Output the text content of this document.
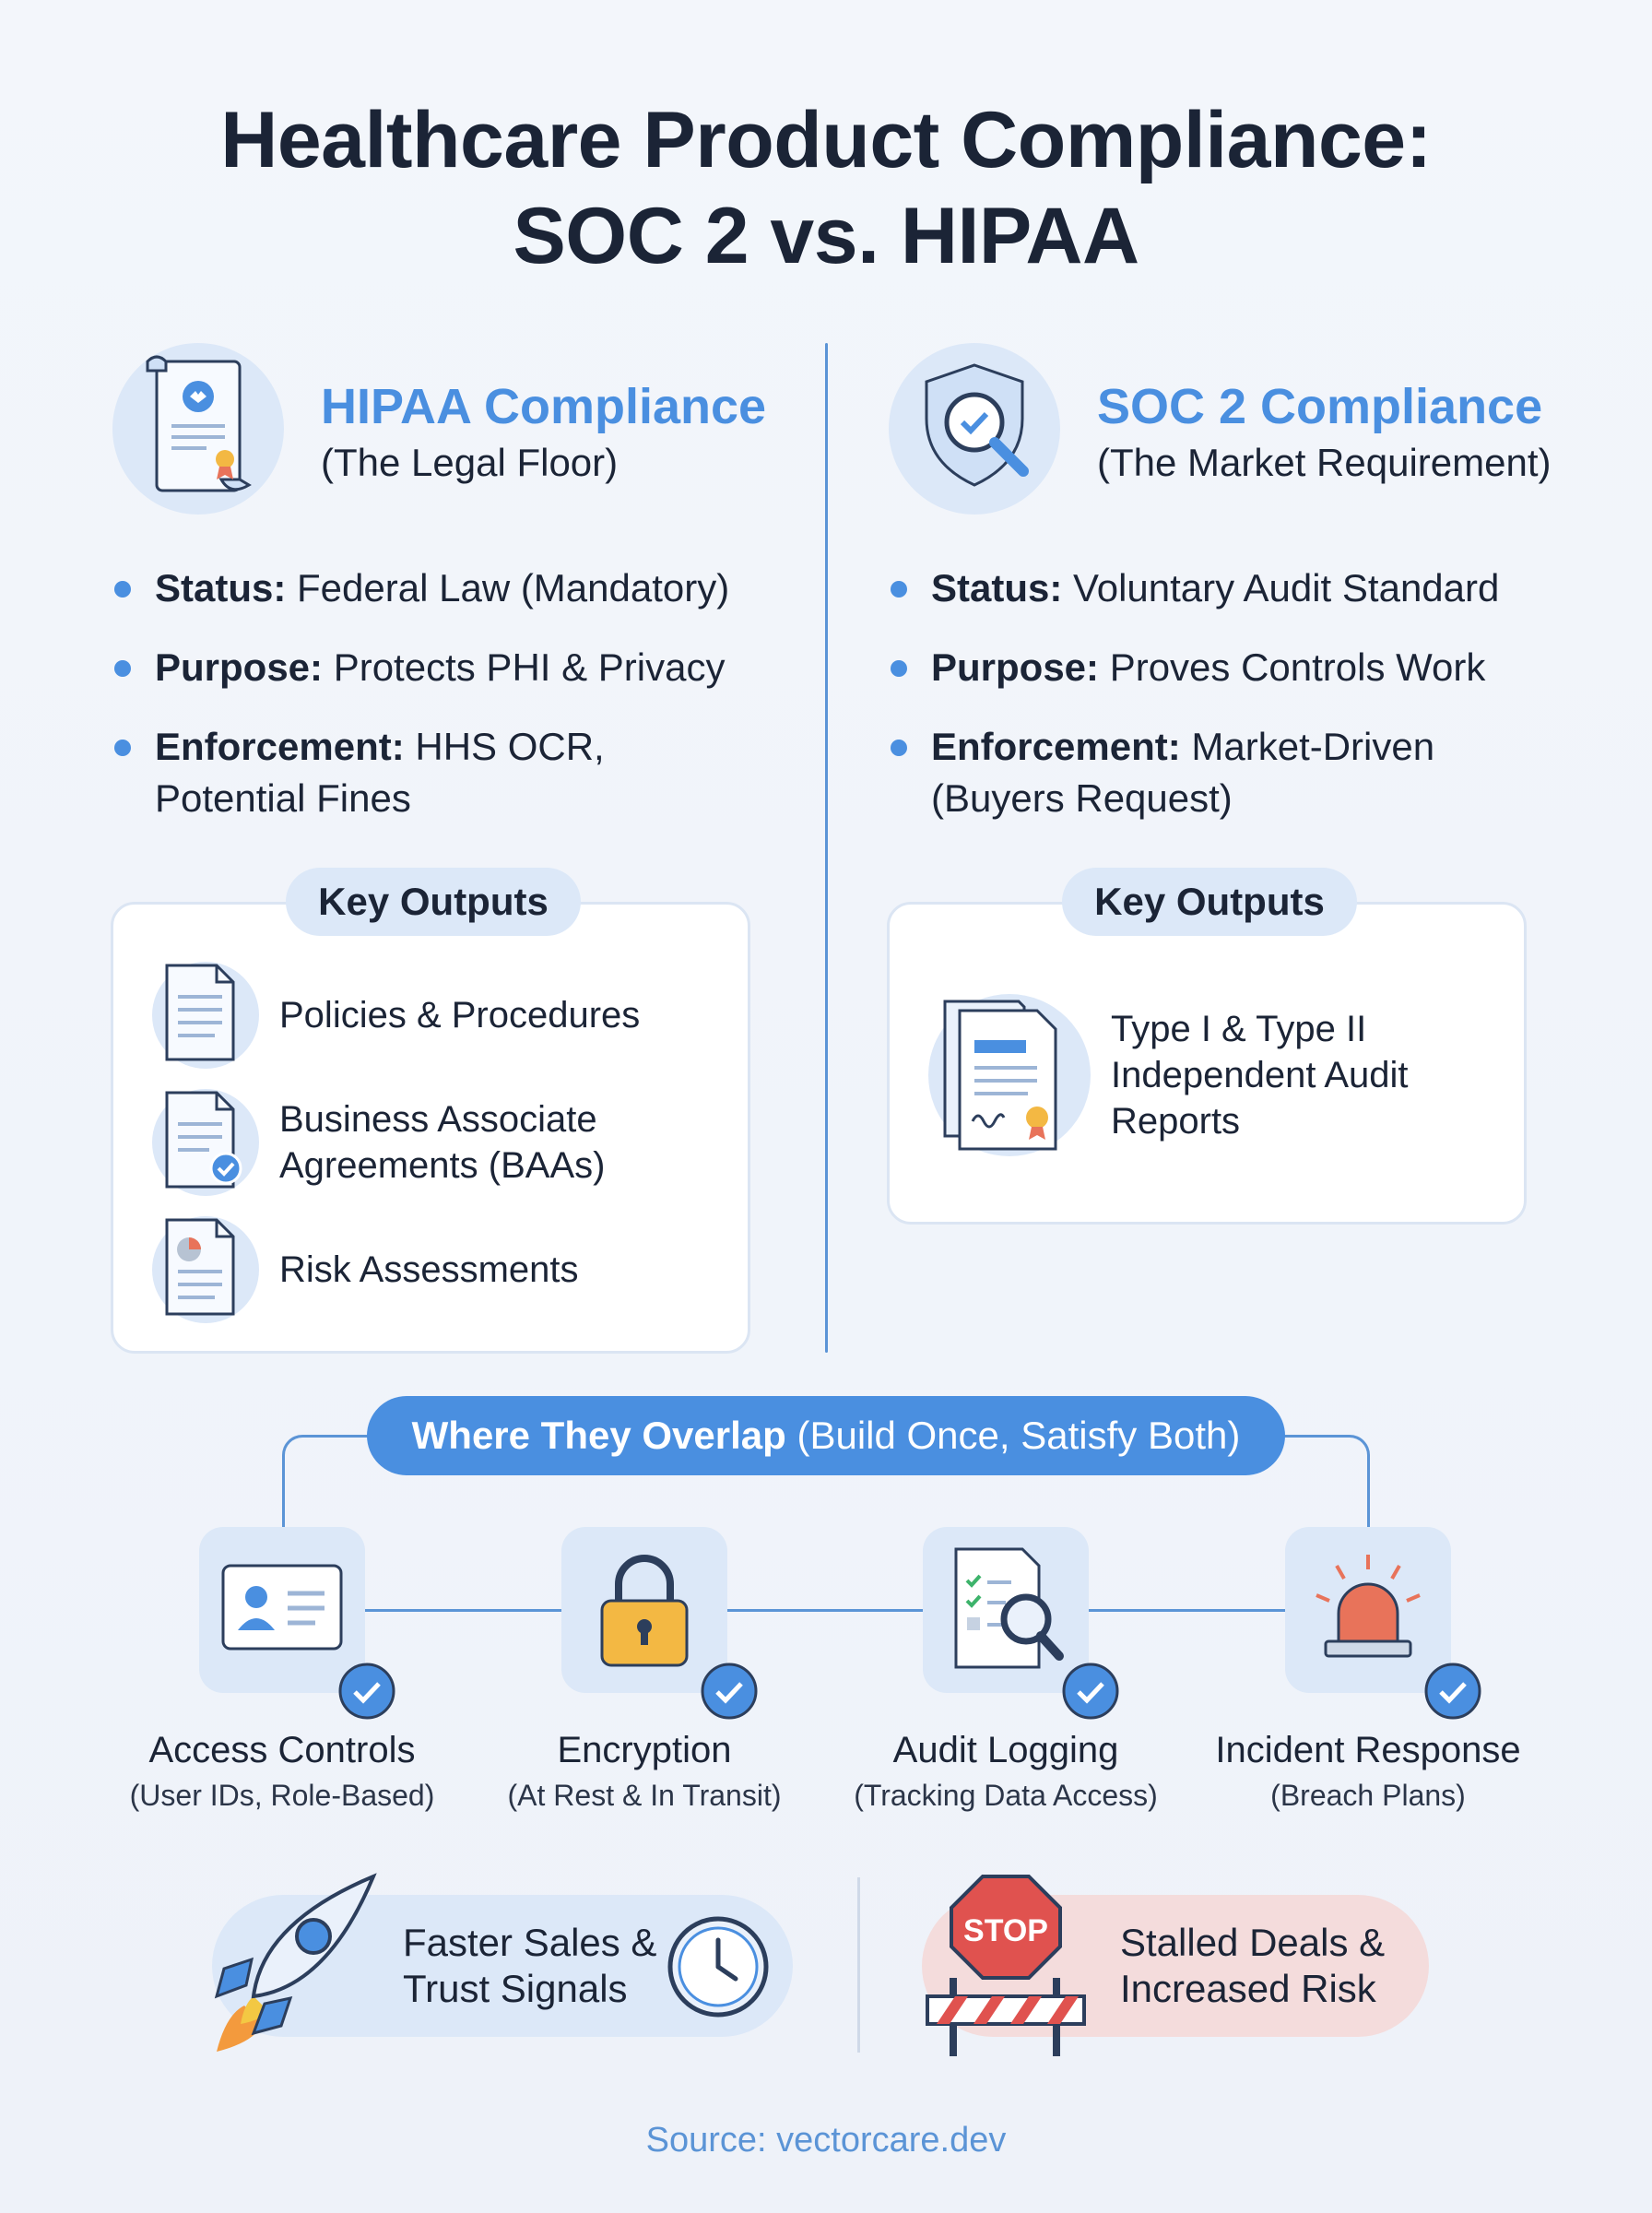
Healthcare Product Compliance:
SOC 2 vs. HIPAA
HIPAA Compliance
(The Legal Floor)
Status: Federal Law (Mandatory)
Purpose: Protects PHI & Privacy
Enforcement: HHS OCR,
Potential Fines
Key Outputs
Policies & Procedures
Business Associate
Agreements (BAAs)
Risk Assessments
SOC 2 Compliance
(The Market Requirement)
Status: Voluntary Audit Standard
Purpose: Proves Controls Work
Enforcement: Market-Driven
(Buyers Request)
Key Outputs
Type I & Type II
Independent Audit
Reports
Where They Overlap (Build Once, Satisfy Both)
Access Controls
(User IDs, Role-Based)
Encryption
(At Rest & In Transit)
Audit Logging
(Tracking Data Access)
Incident Response
(Breach Plans)
Faster Sales &
Trust Signals
STOP Stalled Deals &
Increased Risk
Source: vectorcare.dev
